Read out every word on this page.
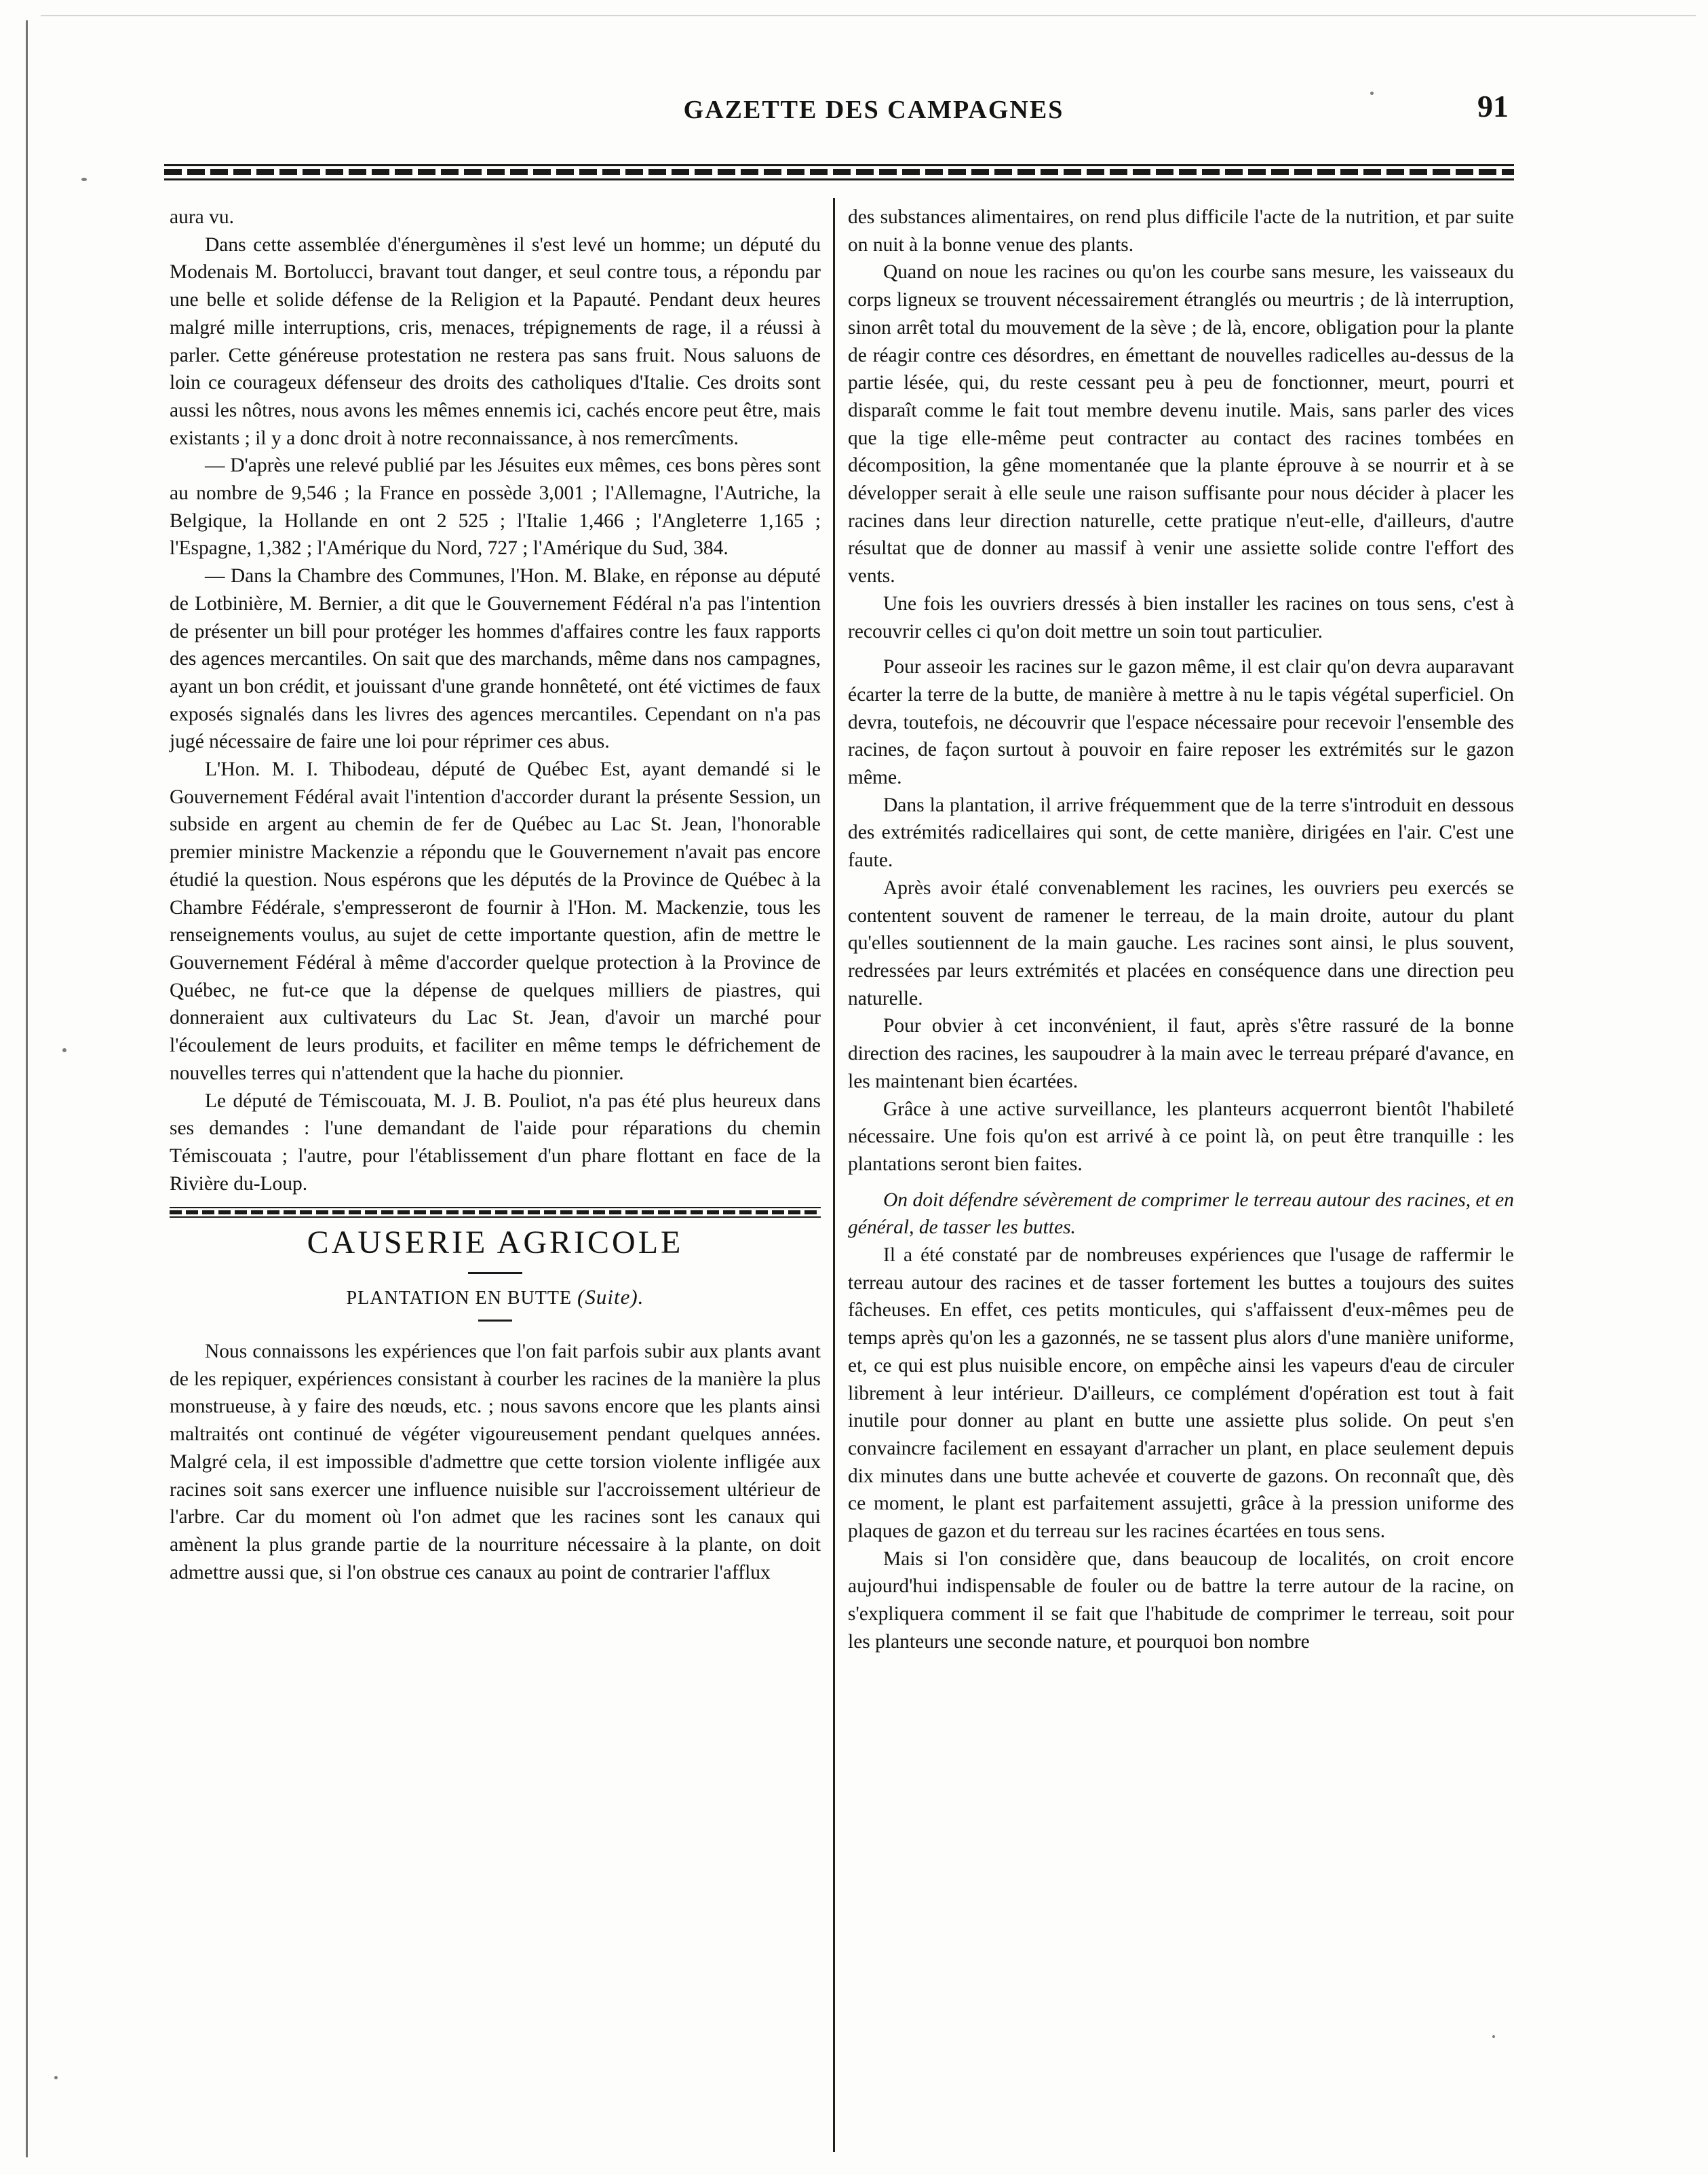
GAZETTE DES CAMPAGNES	91

aura vu.

Dans cette assemblée d'énergumènes il s'est levé un homme; un député du Modenais M. Bortolucci, bravant tout danger, et seul contre tous, a répondu par une belle et solide défense de la Religion et la Papauté. Pendant deux heures malgré mille interruptions, cris, menaces, trépignements de rage, il a réussi à parler. Cette généreuse protestation ne restera pas sans fruit. Nous saluons de loin ce courageux défenseur des droits des catholiques d'Italie. Ces droits sont aussi les nôtres, nous avons les mêmes ennemis ici, cachés encore peut être, mais existants ; il y a donc droit à notre reconnaissance, à nos remercîments.

— D'après une relevé publié par les Jésuites eux mêmes, ces bons pères sont au nombre de 9,546 ; la France en possède 3,001 ; l'Allemagne, l'Autriche, la Belgique, la Hollande en ont 2 525 ; l'Italie 1,466 ; l'Angleterre 1,165 ; l'Espagne, 1,382 ; l'Amérique du Nord, 727 ; l'Amérique du Sud, 384.

— Dans la Chambre des Communes, l'Hon. M. Blake, en réponse au député de Lotbinière, M. Bernier, a dit que le Gouvernement Fédéral n'a pas l'intention de présenter un bill pour protéger les hommes d'affaires contre les faux rapports des agences mercantiles. On sait que des marchands, même dans nos campagnes, ayant un bon crédit, et jouissant d'une grande honnêteté, ont été victimes de faux exposés signalés dans les livres des agences mercantiles. Cependant on n'a pas jugé nécessaire de faire une loi pour réprimer ces abus.

L'Hon. M. I. Thibodeau, député de Québec Est, ayant demandé si le Gouvernement Fédéral avait l'intention d'accorder durant la présente Session, un subside en argent au chemin de fer de Québec au Lac St. Jean, l'honorable premier ministre Mackenzie a répondu que le Gouvernement n'avait pas encore étudié la question. Nous espérons que les députés de la Province de Québec à la Chambre Fédérale, s'empresseront de fournir à l'Hon. M. Mackenzie, tous les renseignements voulus, au sujet de cette importante question, afin de mettre le Gouvernement Fédéral à même d'accorder quelque protection à la Province de Québec, ne fut-ce que la dépense de quelques milliers de piastres, qui donneraient aux cultivateurs du Lac St. Jean, d'avoir un marché pour l'écoulement de leurs produits, et faciliter en même temps le défrichement de nouvelles terres qui n'attendent que la hache du pionnier.

Le député de Témiscouata, M. J. B. Pouliot, n'a pas été plus heureux dans ses demandes : l'une demandant de l'aide pour réparations du chemin Témiscouata ; l'autre, pour l'établissement d'un phare flottant en face de la Rivière du-Loup.

CAUSERIE AGRICOLE
PLANTATION EN BUTTE (Suite).

Nous connaissons les expériences que l'on fait parfois subir aux plants avant de les repiquer, expériences consistant à courber les racines de la manière la plus monstrueuse, à y faire des nœuds, etc. ; nous savons encore que les plants ainsi maltraités ont continué de végéter vigoureusement pendant quelques années. Malgré cela, il est impossible d'admettre que cette torsion violente infligée aux racines soit sans exercer une influence nuisible sur l'accroissement ultérieur de l'arbre. Car du moment où l'on admet que les racines sont les canaux qui amènent la plus grande partie de la nourriture nécessaire à la plante, on doit admettre aussi que, si l'on obstrue ces canaux au point de contrarier l'afflux

des substances alimentaires, on rend plus difficile l'acte de la nutrition, et par suite on nuit à la bonne venue des plants.

Quand on noue les racines ou qu'on les courbe sans mesure, les vaisseaux du corps ligneux se trouvent nécessairement étranglés ou meurtris ; de là interruption, sinon arrêt total du mouvement de la sève ; de là, encore, obligation pour la plante de réagir contre ces désordres, en émettant de nouvelles radicelles au-dessus de la partie lésée, qui, du reste cessant peu à peu de fonctionner, meurt, pourri et disparaît comme le fait tout membre devenu inutile. Mais, sans parler des vices que la tige elle-même peut contracter au contact des racines tombées en décomposition, la gêne momentanée que la plante éprouve à se nourrir et à se développer serait à elle seule une raison suffisante pour nous décider à placer les racines dans leur direction naturelle, cette pratique n'eut-elle, d'ailleurs, d'autre résultat que de donner au massif à venir une assiette solide contre l'effort des vents.

Une fois les ouvriers dressés à bien installer les racines on tous sens, c'est à recouvrir celles ci qu'on doit mettre un soin tout particulier.

Pour asseoir les racines sur le gazon même, il est clair qu'on devra auparavant écarter la terre de la butte, de manière à mettre à nu le tapis végétal superficiel. On devra, toutefois, ne découvrir que l'espace nécessaire pour recevoir l'ensemble des racines, de façon surtout à pouvoir en faire reposer les extrémités sur le gazon même.

Dans la plantation, il arrive fréquemment que de la terre s'introduit en dessous des extrémités radicellaires qui sont, de cette manière, dirigées en l'air. C'est une faute.

Après avoir étalé convenablement les racines, les ouvriers peu exercés se contentent souvent de ramener le terreau, de la main droite, autour du plant qu'elles soutiennent de la main gauche. Les racines sont ainsi, le plus souvent, redressées par leurs extrémités et placées en conséquence dans une direction peu naturelle.

Pour obvier à cet inconvénient, il faut, après s'être rassuré de la bonne direction des racines, les saupoudrer à la main avec le terreau préparé d'avance, en les maintenant bien écartées.

Grâce à une active surveillance, les planteurs acquerront bientôt l'habileté nécessaire. Une fois qu'on est arrivé à ce point là, on peut être tranquille : les plantations seront bien faites.

On doit défendre sévèrement de comprimer le terreau autour des racines, et en général, de tasser les buttes.

Il a été constaté par de nombreuses expériences que l'usage de raffermir le terreau autour des racines et de tasser fortement les buttes a toujours des suites fâcheuses. En effet, ces petits monticules, qui s'affaissent d'eux-mêmes peu de temps après qu'on les a gazonnés, ne se tassent plus alors d'une manière uniforme, et, ce qui est plus nuisible encore, on empêche ainsi les vapeurs d'eau de circuler librement à leur intérieur. D'ailleurs, ce complément d'opération est tout à fait inutile pour donner au plant en butte une assiette plus solide. On peut s'en convaincre facilement en essayant d'arracher un plant, en place seulement depuis dix minutes dans une butte achevée et couverte de gazons. On reconnaît que, dès ce moment, le plant est parfaitement assujetti, grâce à la pression uniforme des plaques de gazon et du terreau sur les racines écartées en tous sens.

Mais si l'on considère que, dans beaucoup de localités, on croit encore aujourd'hui indispensable de fouler ou de battre la terre autour de la racine, on s'expliquera comment il se fait que l'habitude de comprimer le terreau, soit pour les planteurs une seconde nature, et pourquoi bon nombre
